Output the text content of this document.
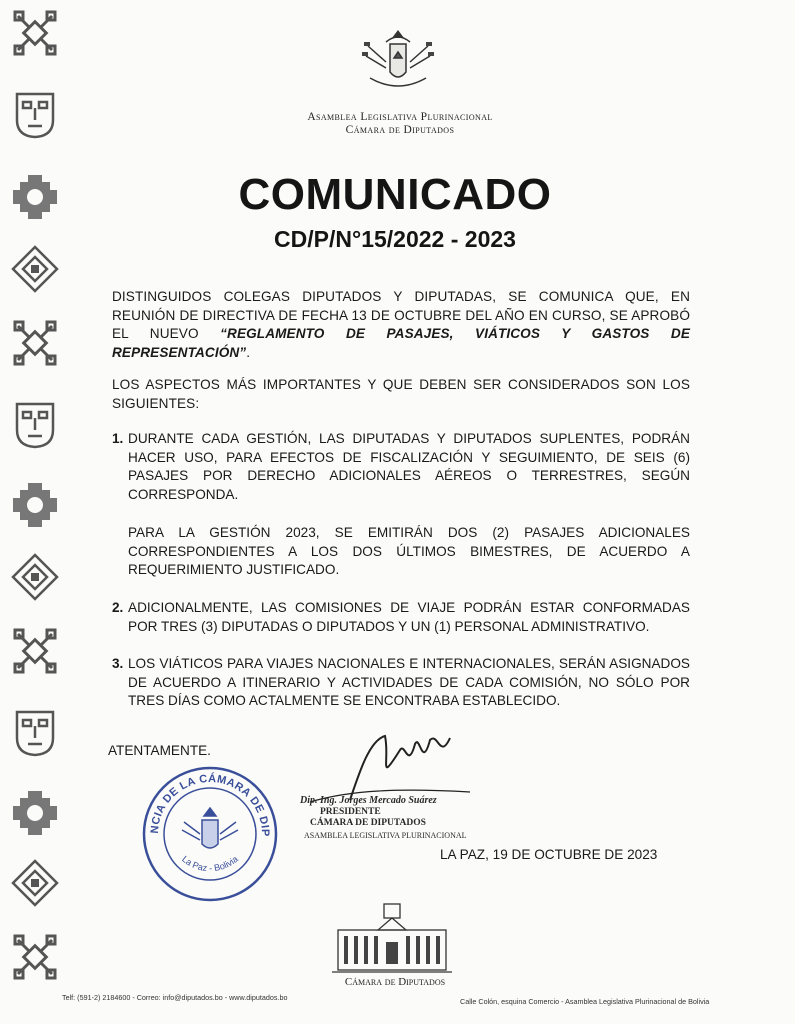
Asamblea Legislativa Plurinacional
Cámara de Diputados
COMUNICADO
CD/P/N°15/2022 - 2023
DISTINGUIDOS COLEGAS DIPUTADOS Y DIPUTADAS, SE COMUNICA QUE, EN REUNIÓN DE DIRECTIVA DE FECHA 13 DE OCTUBRE DEL AÑO EN CURSO, SE APROBÓ EL NUEVO “REGLAMENTO DE PASAJES, VIÁTICOS Y GASTOS DE REPRESENTACIÓN”.
LOS ASPECTOS MÁS IMPORTANTES Y QUE DEBEN SER CONSIDERADOS SON LOS SIGUIENTES:
1. DURANTE CADA GESTIÓN, LAS DIPUTADAS Y DIPUTADOS SUPLENTES, PODRÁN HACER USO, PARA EFECTOS DE FISCALIZACIÓN Y SEGUIMIENTO, DE SEIS (6) PASAJES POR DERECHO ADICIONALES AÉREOS O TERRESTRES, SEGÚN CORRESPONDA.
PARA LA GESTIÓN 2023, SE EMITIRÁN DOS (2) PASAJES ADICIONALES CORRESPONDIENTES A LOS DOS ÚLTIMOS BIMESTRES, DE ACUERDO A REQUERIMIENTO JUSTIFICADO.
2. ADICIONALMENTE, LAS COMISIONES DE VIAJE PODRÁN ESTAR CONFORMADAS POR TRES (3) DIPUTADAS O DIPUTADOS Y UN (1) PERSONAL ADMINISTRATIVO.
3. LOS VIÁTICOS PARA VIAJES NACIONALES E INTERNACIONALES, SERÁN ASIGNADOS DE ACUERDO A ITINERARIO Y ACTIVIDADES DE CADA COMISIÓN, NO SÓLO POR TRES DÍAS COMO ACTALMENTE SE ENCONTRABA ESTABLECIDO.
ATENTAMENTE.
NCIA DE LA CÁMARA DE DIP
La Paz - Bolivia
Dip. Ing. Jorges Mercado Suárez
PRESIDENTE
CÁMARA DE DIPUTADOS
ASAMBLEA LEGISLATIVA PLURINACIONAL
LA PAZ, 19 DE OCTUBRE DE 2023
Cámara de Diputados
Telf: (591-2) 2184600 - Correo: info@diputados.bo - www.diputados.bo	Calle Colón, esquina Comercio - Asamblea Legislativa Plurinacional de Bolivia
